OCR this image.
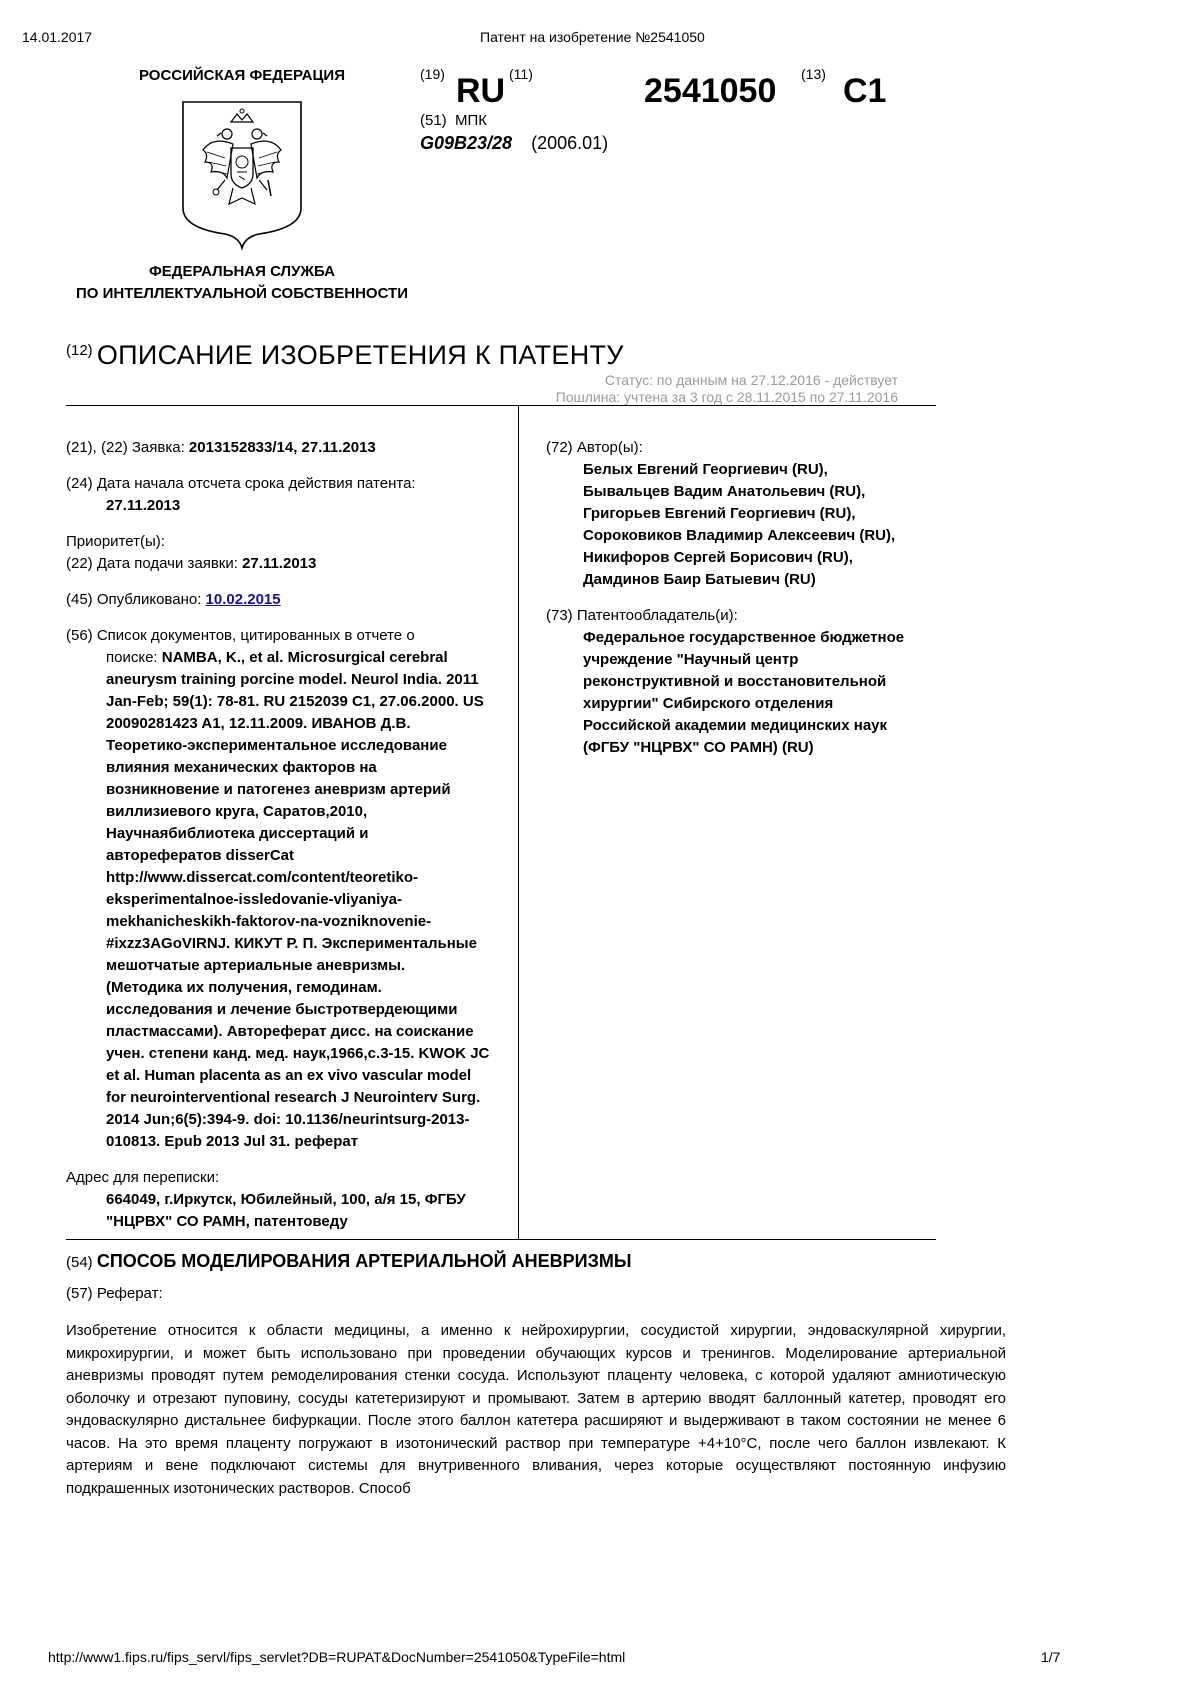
14.01.2017	Патент на изобретение №2541050
РОССИЙСКАЯ ФЕДЕРАЦИЯ
ФЕДЕРАЛЬНАЯ СЛУЖБА
ПО ИНТЕЛЛЕКТУАЛЬНОЙ СОБСТВЕННОСТИ
(19) RU (11)	2541050 (13) C1
(51) МПК
G09B23/28 (2006.01)
(12) ОПИСАНИЕ ИЗОБРЕТЕНИЯ К ПАТЕНТУ
Статус: по данным на 27.12.2016 - действует
Пошлина: учтена за 3 год с 28.11.2015 по 27.11.2016

(21), (22) Заявка: 2013152833/14, 27.11.2013

(24) Дата начала отсчета срока действия патента:

27.11.2013

Приоритет(ы):

(22) Дата подачи заявки: 27.11.2013

(45) Опубликовано: 10.02.2015

(56) Список документов, цитированных в отчете о

поиске: NAMBA, K., et al. Microsurgical cerebral
aneurysm training porcine model. Neurol India. 2011
Jan-Feb; 59(1): 78-81. RU 2152039 C1, 27.06.2000. US
20090281423 A1, 12.11.2009. ИВАНОВ Д.В.
Теоретико-экспериментальное исследование
влияния механических факторов на
возникновение и патогенез аневризм артерий
виллизиевого круга, Саратов,2010,
Научнаябиблиотека диссертаций и
авторефератов disserCat
http://www.dissercat.com/content/teoretiko-
eksperimentalnoe-issledovanie-vliyaniya-
mekhanicheskikh-faktorov-na-vozniknovenie-
#ixzz3AGoVIRNJ. КИКУТ Р. П. Экспериментальные
мешотчатые артериальные аневризмы.
(Методика их получения, гемодинам.
исследования и лечение быстротвердеющими
пластмассами). Автореферат дисс. на соискание
учен. степени канд. мед. наук,1966,с.3-15. KWOK JC
et al. Human placenta as an ex vivo vascular model
for neurointerventional research J Neurointerv Surg.
2014 Jun;6(5):394-9. doi: 10.1136/neurintsurg-2013-
010813. Epub 2013 Jul 31. реферат

Адрес для переписки:

664049, г.Иркутск, Юбилейный, 100, а/я 15, ФГБУ
"НЦРВХ" СО РАМН, патентоведу

(72) Автор(ы):

Белых Евгений Георгиевич (RU),
Бывальцев Вадим Анатольевич (RU),
Григорьев Евгений Георгиевич (RU),
Сороковиков Владимир Алексеевич (RU),
Никифоров Сергей Борисович (RU),
Дамдинов Баир Батыевич (RU)

(73) Патентообладатель(и):

Федеральное государственное бюджетное
учреждение "Научный центр
реконструктивной и восстановительной
хирургии" Сибирского отделения
Российской академии медицинских наук
(ФГБУ "НЦРВХ" СО РАМН) (RU)
(54) СПОСОБ МОДЕЛИРОВАНИЯ АРТЕРИАЛЬНОЙ АНЕВРИЗМЫ
(57) Реферат:
Изобретение относится к области медицины, а именно к нейрохирургии, сосудистой хирургии, эндоваскулярной хирургии, микрохирургии, и может быть использовано при проведении обучающих курсов и тренингов. Моделирование артериальной аневризмы проводят путем ремоделирования стенки сосуда. Используют плаценту человека, с которой удаляют амниотическую оболочку и отрезают пуповину, сосуды катетеризируют и промывают. Затем в артерию вводят баллонный катетер, проводят его эндоваскулярно дистальнее бифуркации. После этого баллон катетера расширяют и выдерживают в таком состоянии не менее 6 часов. На это время плаценту погружают в изотонический раствор при температуре +4+10°С, после чего баллон извлекают. К артериям и вене подключают системы для внутривенного вливания, через которые осуществляют постоянную инфузию подкрашенных изотонических растворов. Способ
http://www1.fips.ru/fips_servl/fips_servlet?DB=RUPAT&DocNumber=2541050&TypeFile=html	1/7
